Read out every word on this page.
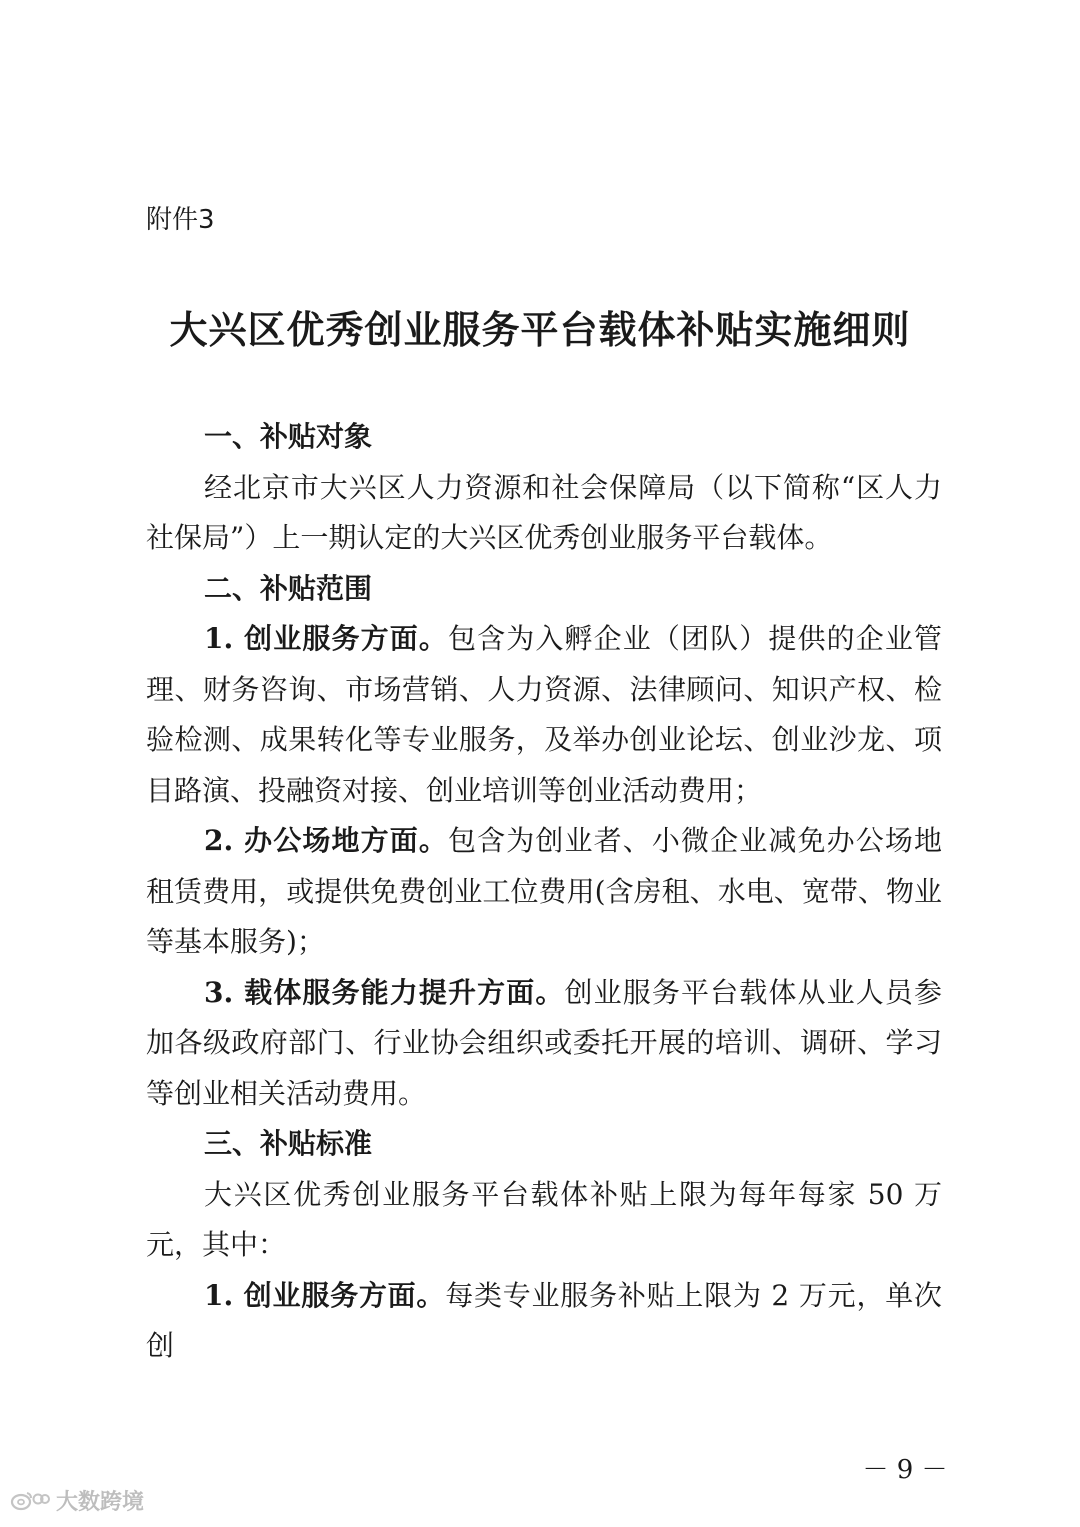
附件3

大兴区优秀创业服务平台载体补贴实施细则

一、补贴对象

经北京市大兴区人力资源和社会保障局（以下简称“区人力社保局”）上一期认定的大兴区优秀创业服务平台载体。

二、补贴范围

1. 创业服务方面。包含为入孵企业（团队）提供的企业管理、财务咨询、市场营销、人力资源、法律顾问、知识产权、检验检测、成果转化等专业服务，及举办创业论坛、创业沙龙、项目路演、投融资对接、创业培训等创业活动费用；

2. 办公场地方面。包含为创业者、小微企业减免办公场地租赁费用，或提供免费创业工位费用(含房租、水电、宽带、物业等基本服务)；

3. 载体服务能力提升方面。创业服务平台载体从业人员参加各级政府部门、行业协会组织或委托开展的培训、调研、学习等创业相关活动费用。

三、补贴标准

大兴区优秀创业服务平台载体补贴上限为每年每家 50 万元，其中：

1. 创业服务方面。每类专业服务补贴上限为 2 万元，单次创

－ 9 －
大数跨境
